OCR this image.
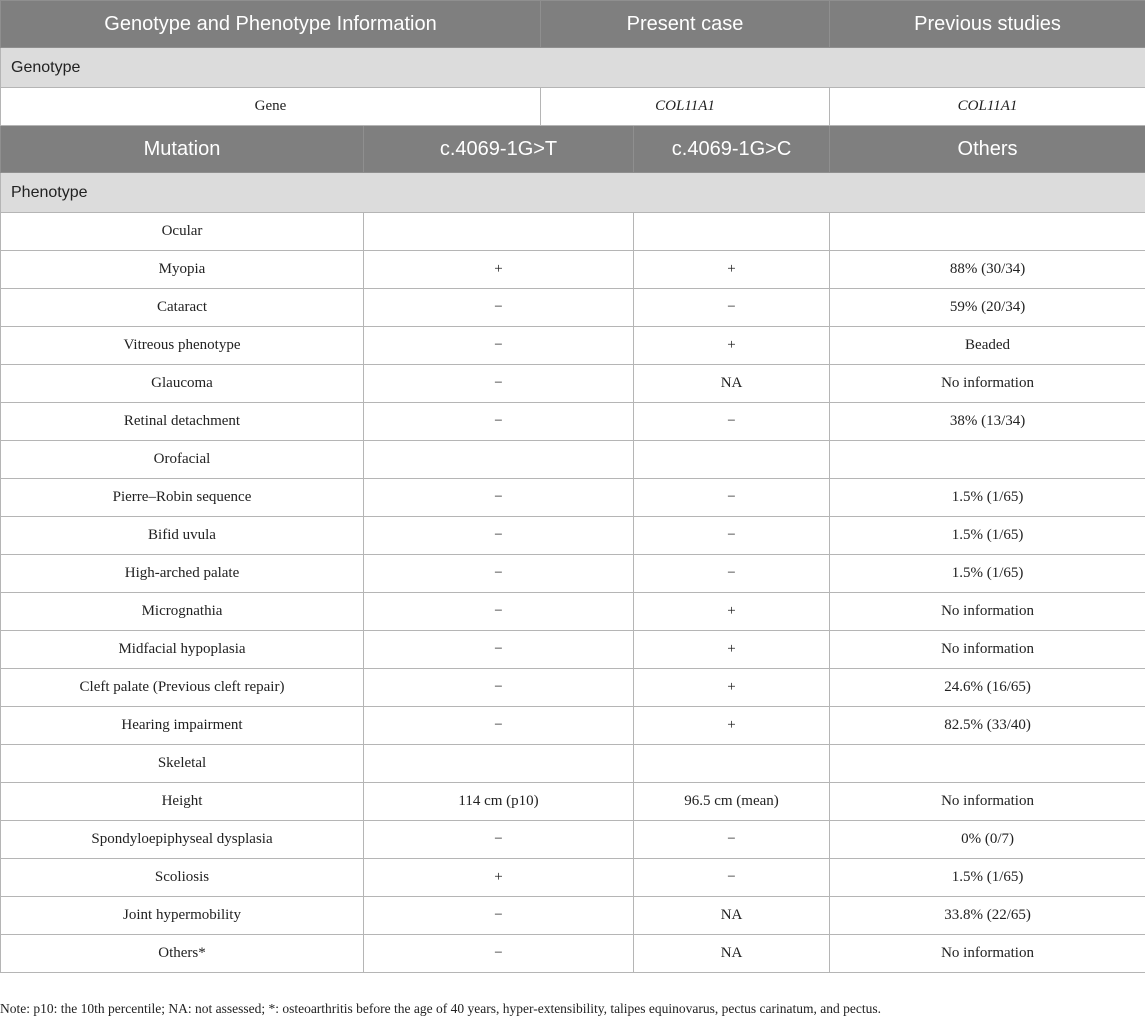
Genotype and Phenotype Information		Present case		Previous studies
Genotype				
Gene		COL11A1		COL11A1
Mutation	c.4069-1G>T		c.4069-1G>C	Others
Phenotype				
Ocular				
Myopia	+		+	88% (30/34)
Cataract	−		−	59% (20/34)
Vitreous phenotype	−		+	Beaded
Glaucoma	−		NA	No information
Retinal detachment	−		−	38% (13/34)
Orofacial				
Pierre–Robin sequence	−		−	1.5% (1/65)
Bifid uvula	−		−	1.5% (1/65)
High-arched palate	−		−	1.5% (1/65)
Micrognathia	−		+	No information
Midfacial hypoplasia	−		+	No information
Cleft palate (Previous cleft repair)	−		+	24.6% (16/65)
Hearing impairment	−		+	82.5% (33/40)
Skeletal				
Height	114 cm (p10)		96.5 cm (mean)	No information
Spondyloepiphyseal dysplasia	−		−	0% (0/7)
Scoliosis	+		−	1.5% (1/65)
Joint hypermobility	−		NA	33.8% (22/65)
Others*	−		NA	No information
Note: p10: the 10th percentile; NA: not assessed; *: osteoarthritis before the age of 40 years, hyper-extensibility, talipes equinovarus, pectus carinatum, and pectus.
